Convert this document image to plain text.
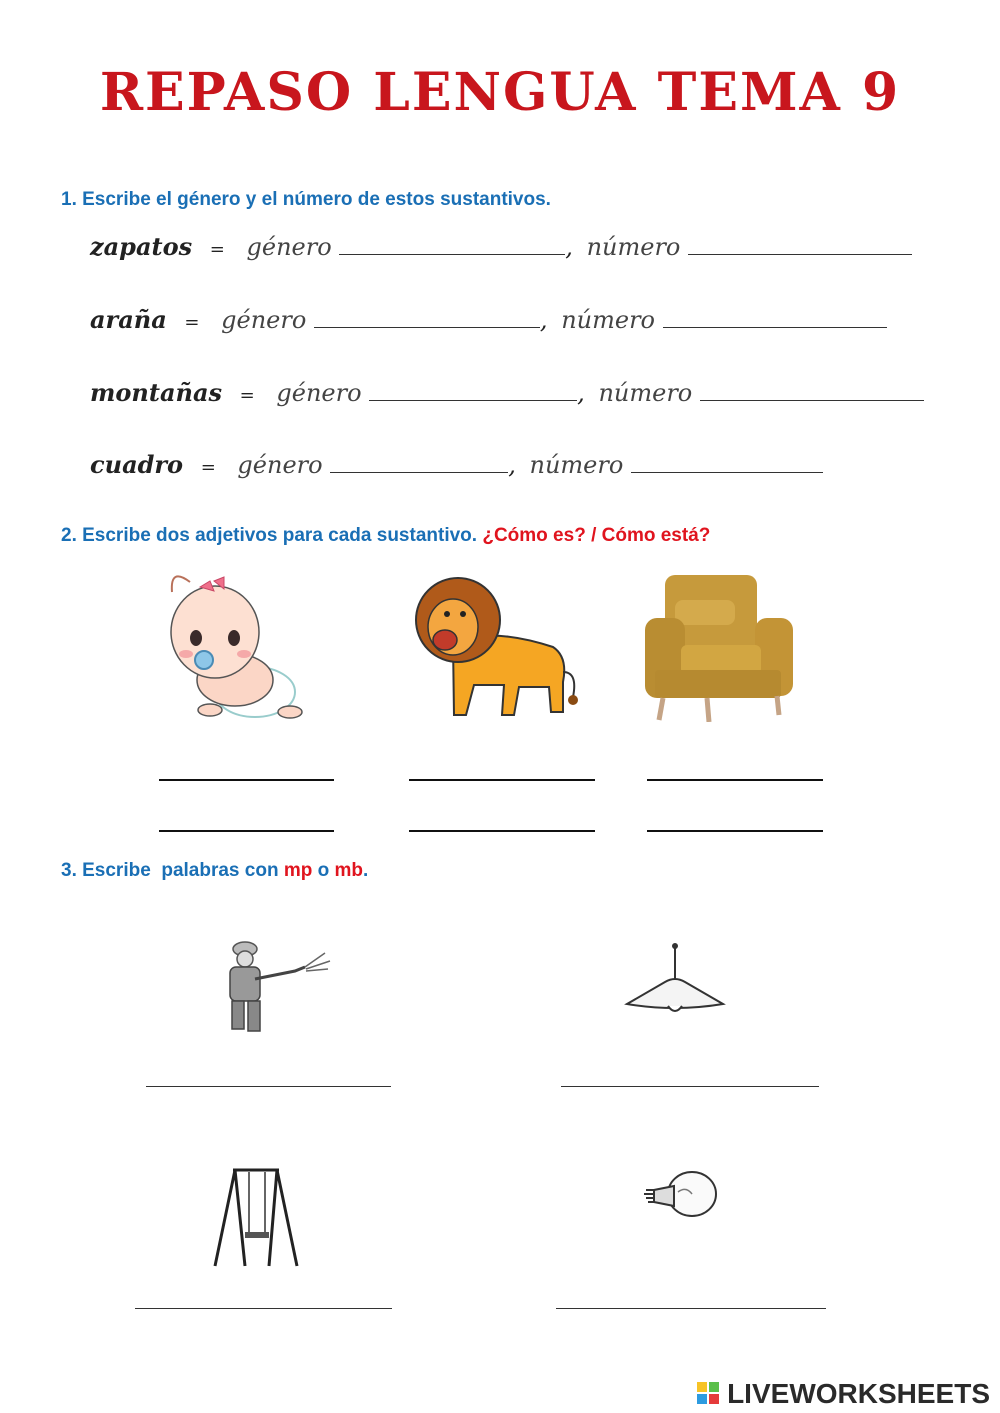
REPASO LENGUA TEMA 9
1. Escribe el género y el número de estos sustantivos.
zapatos = género	, número
araña = género	, número
montañas = género	, número
cuadro = género	, número
2. Escribe dos adjetivos para cada sustantivo. ¿Cómo es? / Cómo está?
3. Escribe  palabras con mp o mb.
LIVEWORKSHEETS
